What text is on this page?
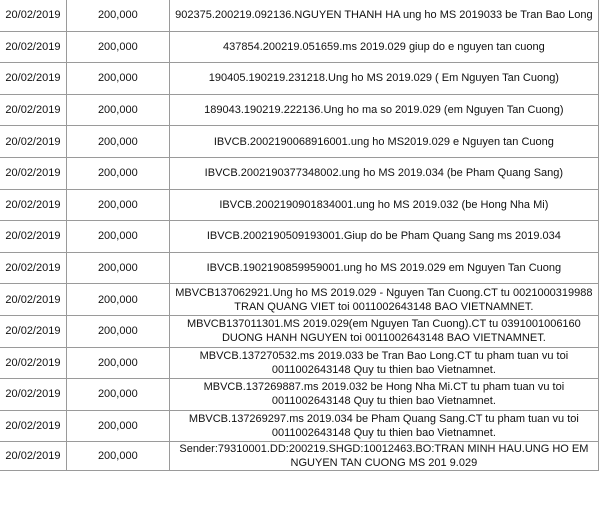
20/02/2019	200,000	902375.200219.092136.NGUYEN THANH HA ung ho MS 2019033 be Tran Bao Long
20/02/2019	200,000	437854.200219.051659.ms 2019.029 giup do e nguyen tan cuong
20/02/2019	200,000	190405.190219.231218.Ung ho MS 2019.029 ( Em Nguyen Tan Cuong)
20/02/2019	200,000	189043.190219.222136.Ung ho ma so 2019.029 (em Nguyen Tan Cuong)
20/02/2019	200,000	IBVCB.2002190068916001.ung ho MS2019.029 e Nguyen tan Cuong
20/02/2019	200,000	IBVCB.2002190377348002.ung ho MS 2019.034 (be Pham Quang Sang)
20/02/2019	200,000	IBVCB.2002190901834001.ung ho MS 2019.032 (be Hong Nha Mi)
20/02/2019	200,000	IBVCB.2002190509193001.Giup do be Pham Quang Sang ms 2019.034
20/02/2019	200,000	IBVCB.1902190859959001.ung ho MS 2019.029 em Nguyen Tan Cuong
20/02/2019	200,000	MBVCB137062921.Ung ho MS 2019.029 - Nguyen Tan Cuong.CT tu 0021000319988 TRAN QUANG VIET toi 0011002643148 BAO VIETNAMNET.
20/02/2019	200,000	MBVCB137011301.MS 2019.029(em Nguyen Tan Cuong).CT tu 0391001006160 DUONG HANH NGUYEN toi 0011002643148 BAO VIETNAMNET.
20/02/2019	200,000	MBVCB.137270532.ms 2019.033 be Tran Bao Long.CT tu pham tuan vu toi 0011002643148 Quy tu thien bao Vietnamnet.
20/02/2019	200,000	MBVCB.137269887.ms 2019.032 be Hong Nha Mi.CT tu pham tuan vu toi 0011002643148 Quy tu thien bao Vietnamnet.
20/02/2019	200,000	MBVCB.137269297.ms 2019.034 be Pham Quang Sang.CT tu pham tuan vu toi 0011002643148 Quy tu thien bao Vietnamnet.
20/02/2019	200,000	Sender:79310001.DD:200219.SHGD:10012463.BO:TRAN MINH HAU.UNG HO EM NGUYEN TAN CUONG MS 201 9.029
